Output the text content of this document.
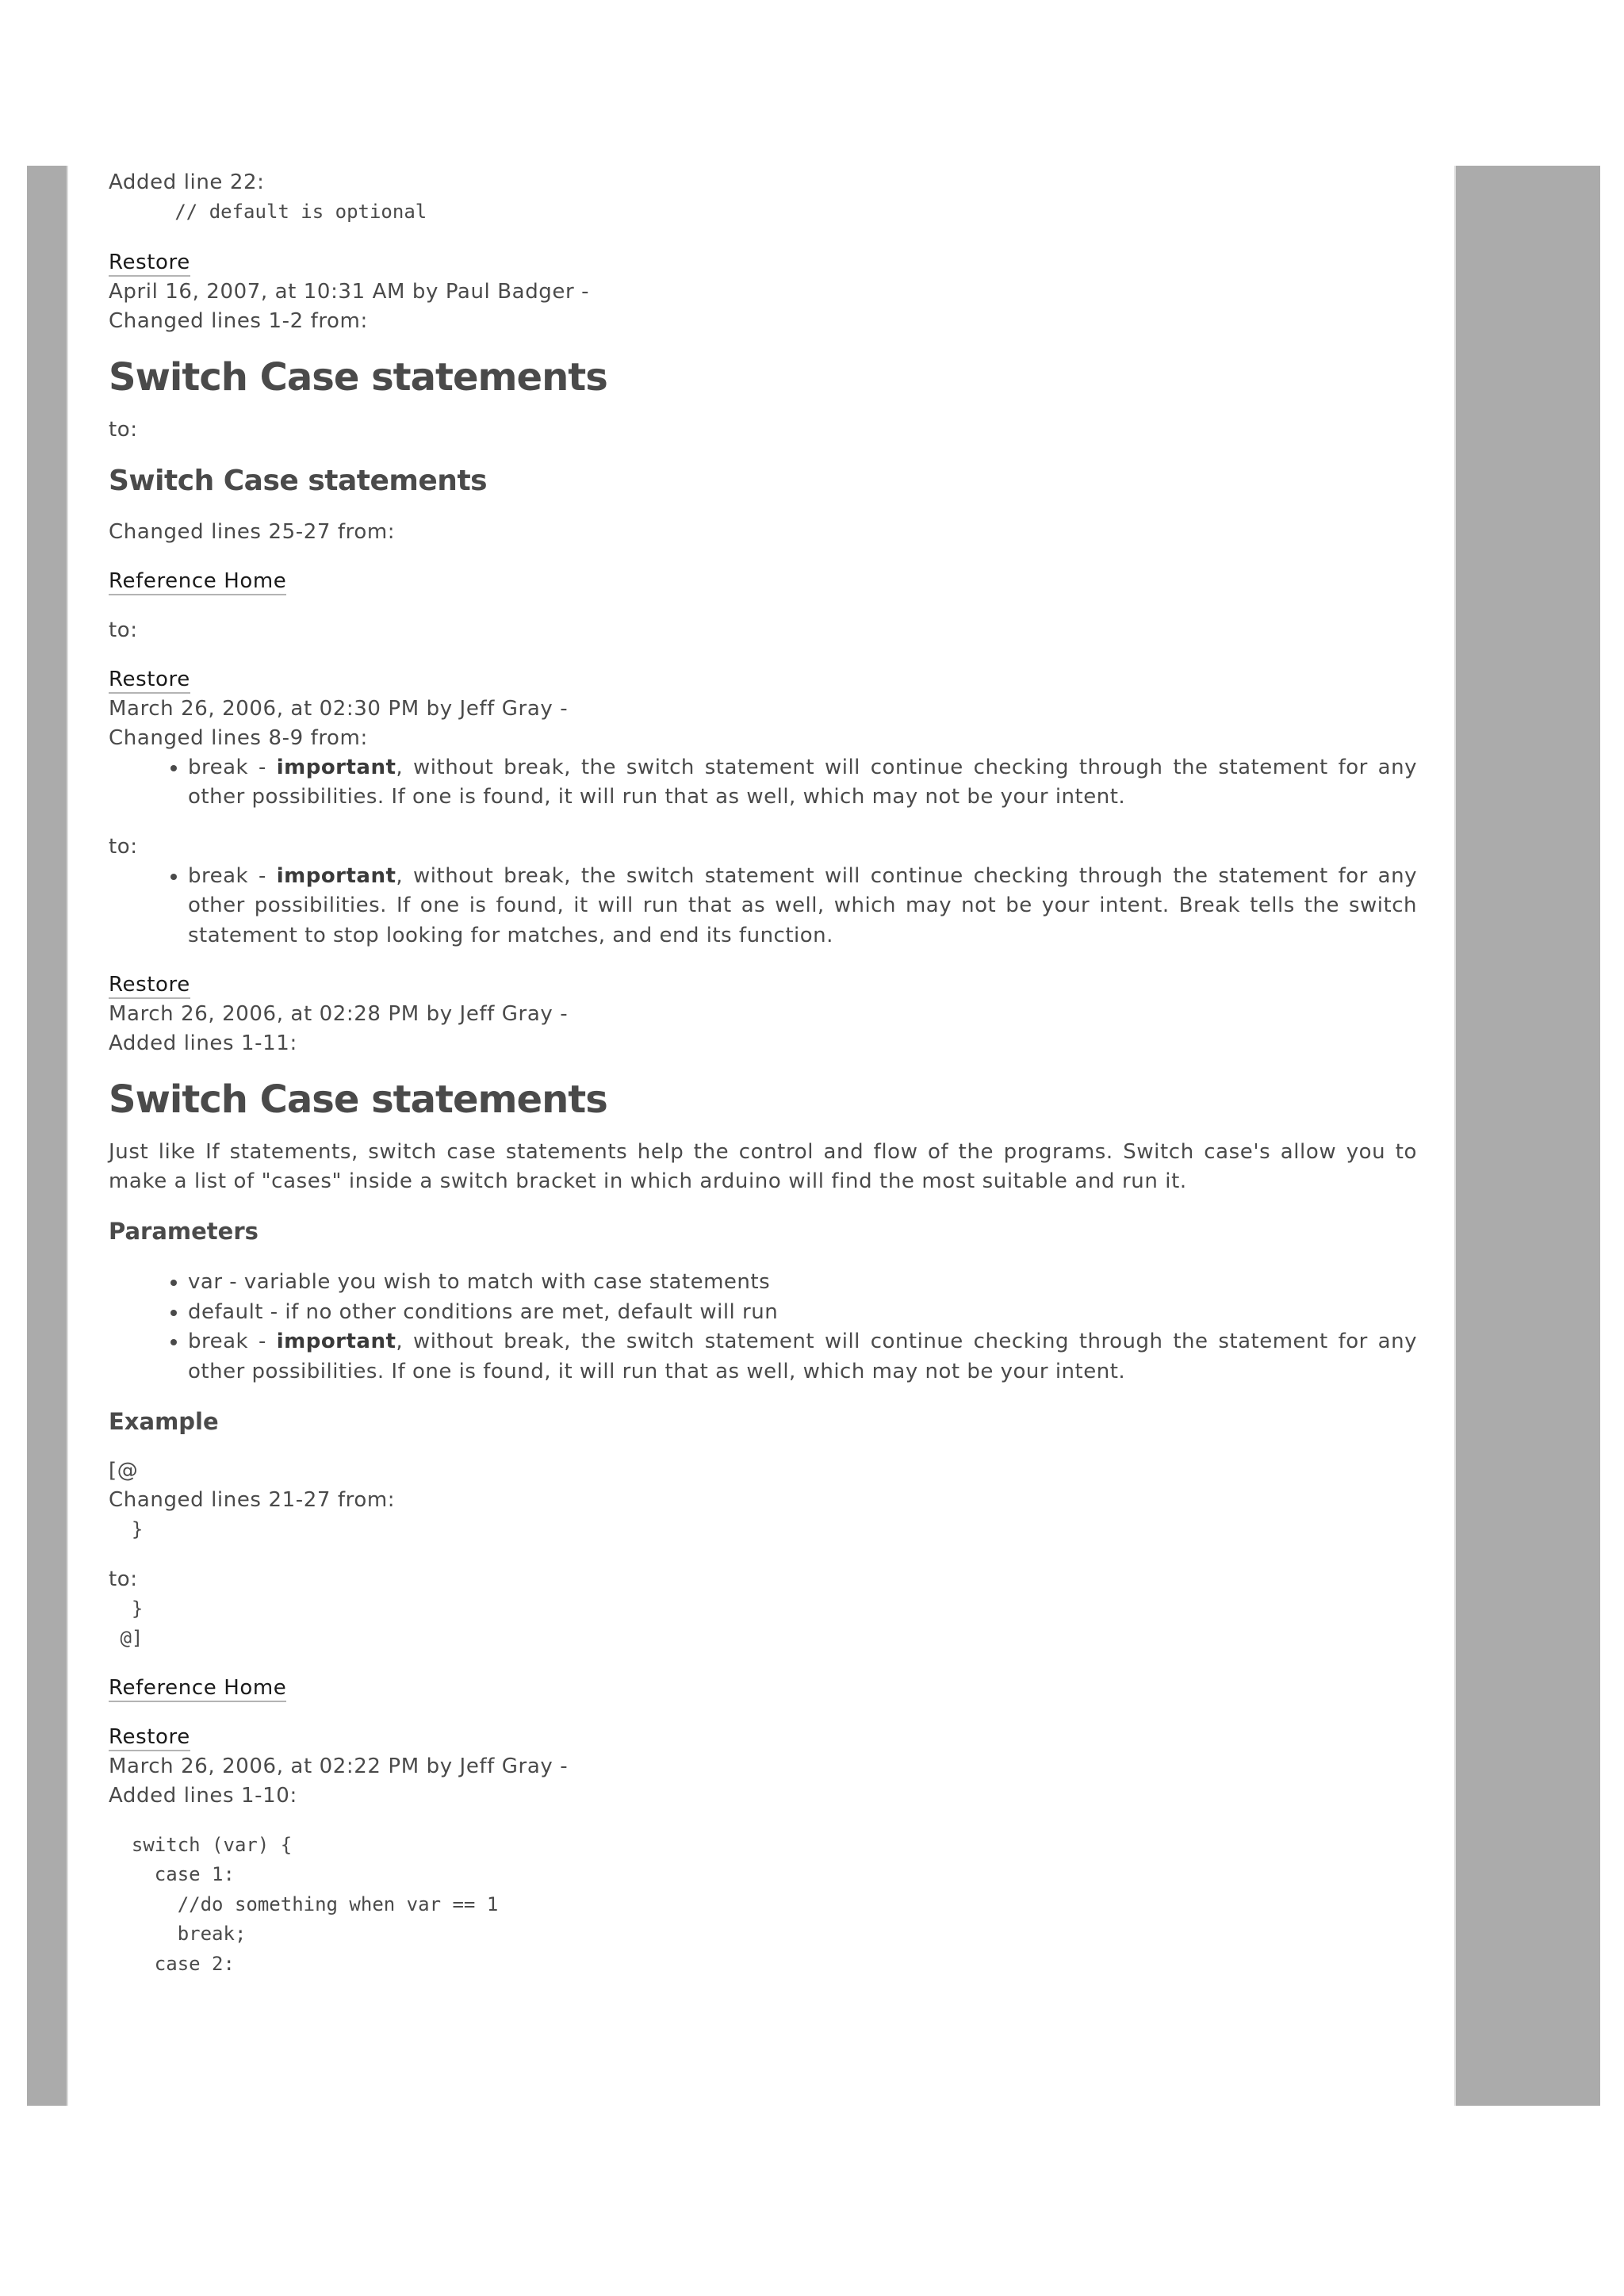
Added line 22:

// default is optional

Restore

April 16, 2007, at 10:31 AM by Paul Badger -

Changed lines 1-2 from:

Switch Case statements

to:

Switch Case statements

Changed lines 25-27 from:

Reference Home

to:

Restore

March 26, 2006, at 02:30 PM by Jeff Gray -

Changed lines 8-9 from:

• break - important, without break, the switch statement will continue checking through the statement for any other possibilities. If one is found, it will run that as well, which may not be your intent.

to:

• break - important, without break, the switch statement will continue checking through the statement for any other possibilities. If one is found, it will run that as well, which may not be your intent. Break tells the switch statement to stop looking for matches, and end its function.

Restore

March 26, 2006, at 02:28 PM by Jeff Gray -

Added lines 1-11:

Switch Case statements

Just like If statements, switch case statements help the control and flow of the programs. Switch case's allow you to make a list of "cases" inside a switch bracket in which arduino will find the most suitable and run it.

Parameters
• var - variable you wish to match with case statements
• default - if no other conditions are met, default will run
• break - important, without break, the switch statement will continue checking through the statement for any other possibilities. If one is found, it will run that as well, which may not be your intent.
Example

[@

Changed lines 21-27 from:

}

to:

}

@]

Reference Home

Restore

March 26, 2006, at 02:22 PM by Jeff Gray -

Added lines 1-10:

switch (var) {

case 1:

//do something when var == 1

break;

case 2:
